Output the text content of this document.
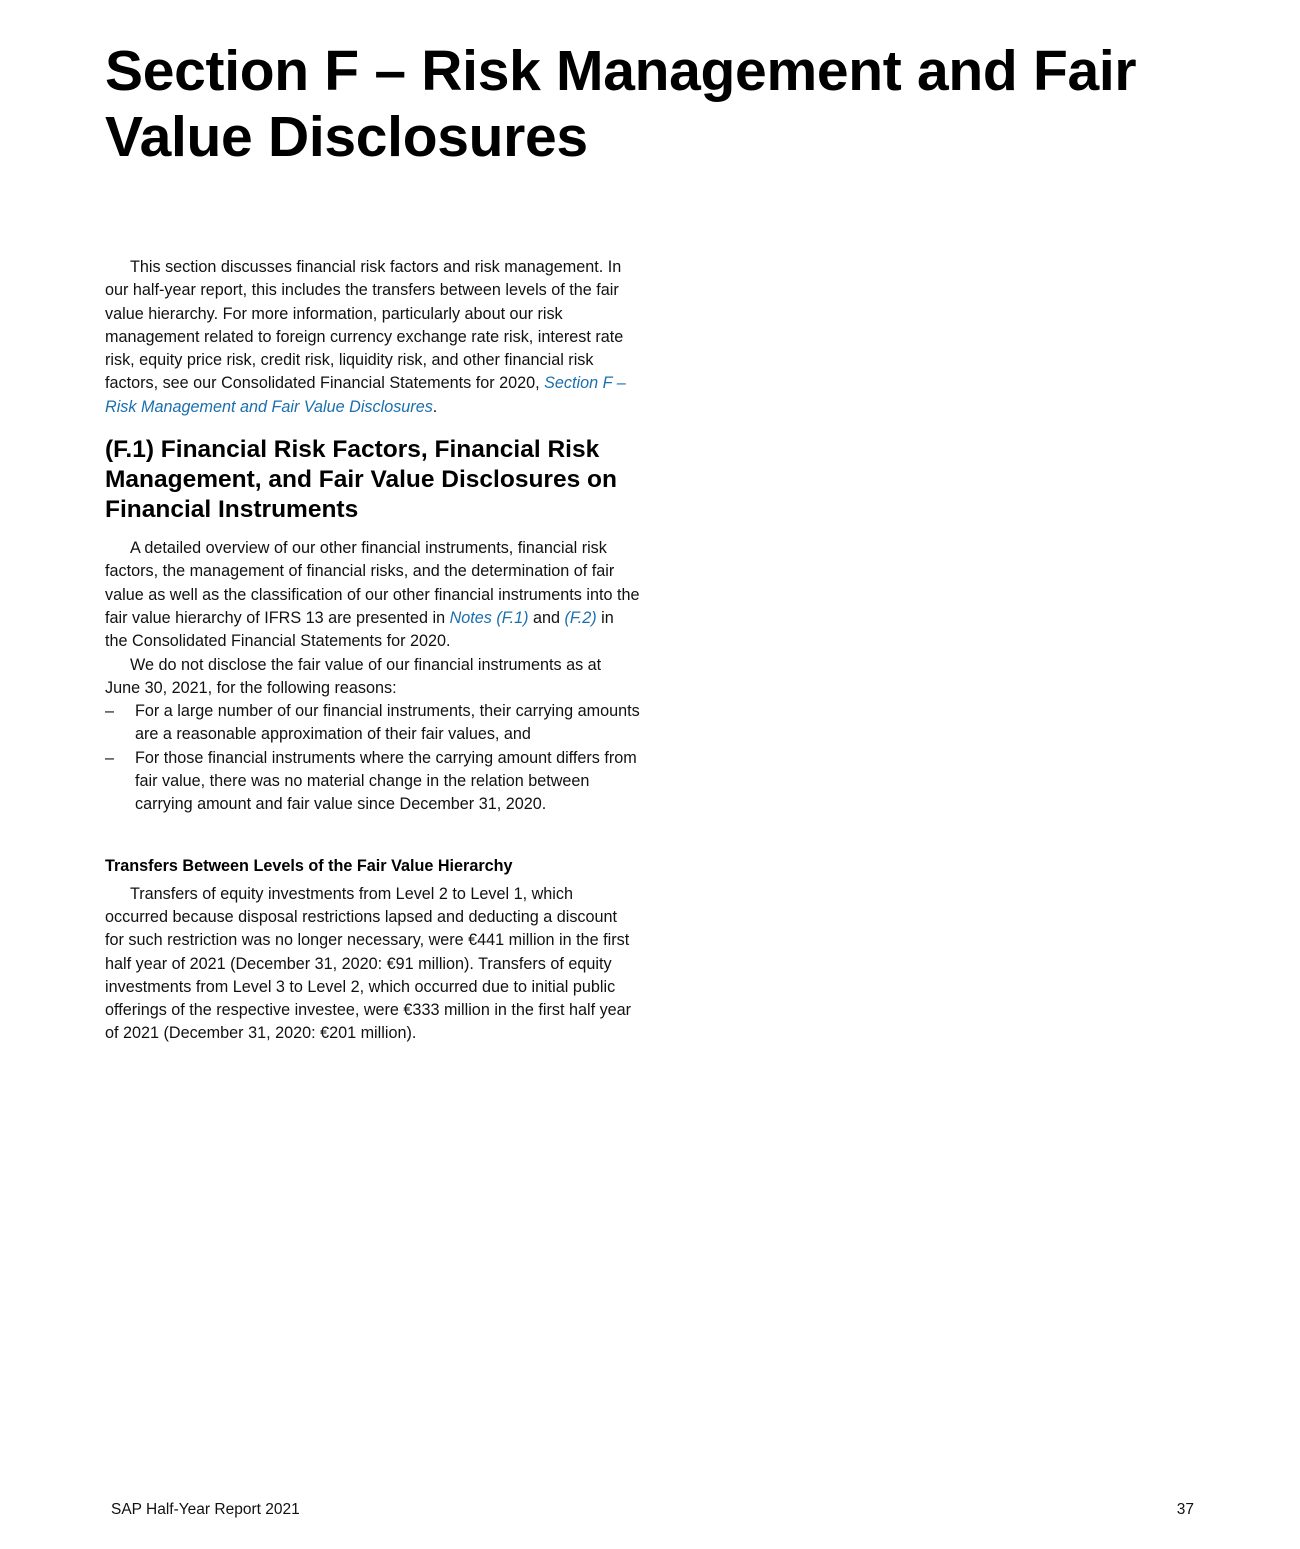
Section F – Risk Management and Fair Value Disclosures

This section discusses financial risk factors and risk management. In our half-year report, this includes the transfers between levels of the fair value hierarchy. For more information, particularly about our risk management related to foreign currency exchange rate risk, interest rate risk, equity price risk, credit risk, liquidity risk, and other financial risk factors, see our Consolidated Financial Statements for 2020, Section F – Risk Management and Fair Value Disclosures.

(F.1) Financial Risk Factors, Financial Risk Management, and Fair Value Disclosures on Financial Instruments

A detailed overview of our other financial instruments, financial risk factors, the management of financial risks, and the determination of fair value as well as the classification of our other financial instruments into the fair value hierarchy of IFRS 13 are presented in Notes (F.1) and (F.2) in the Consolidated Financial Statements for 2020.

We do not disclose the fair value of our financial instruments as at June 30, 2021, for the following reasons:

– For a large number of our financial instruments, their carrying amounts are a reasonable approximation of their fair values, and
– For those financial instruments where the carrying amount differs from fair value, there was no material change in the relation between carrying amount and fair value since December 31, 2020.
Transfers Between Levels of the Fair Value Hierarchy

Transfers of equity investments from Level 2 to Level 1, which occurred because disposal restrictions lapsed and deducting a discount for such restriction was no longer necessary, were €441 million in the first half year of 2021 (December 31, 2020: €91 million). Transfers of equity investments from Level 3 to Level 2, which occurred due to initial public offerings of the respective investee, were €333 million in the first half year of 2021 (December 31, 2020: €201 million).

SAP Half-Year Report 2021	37
